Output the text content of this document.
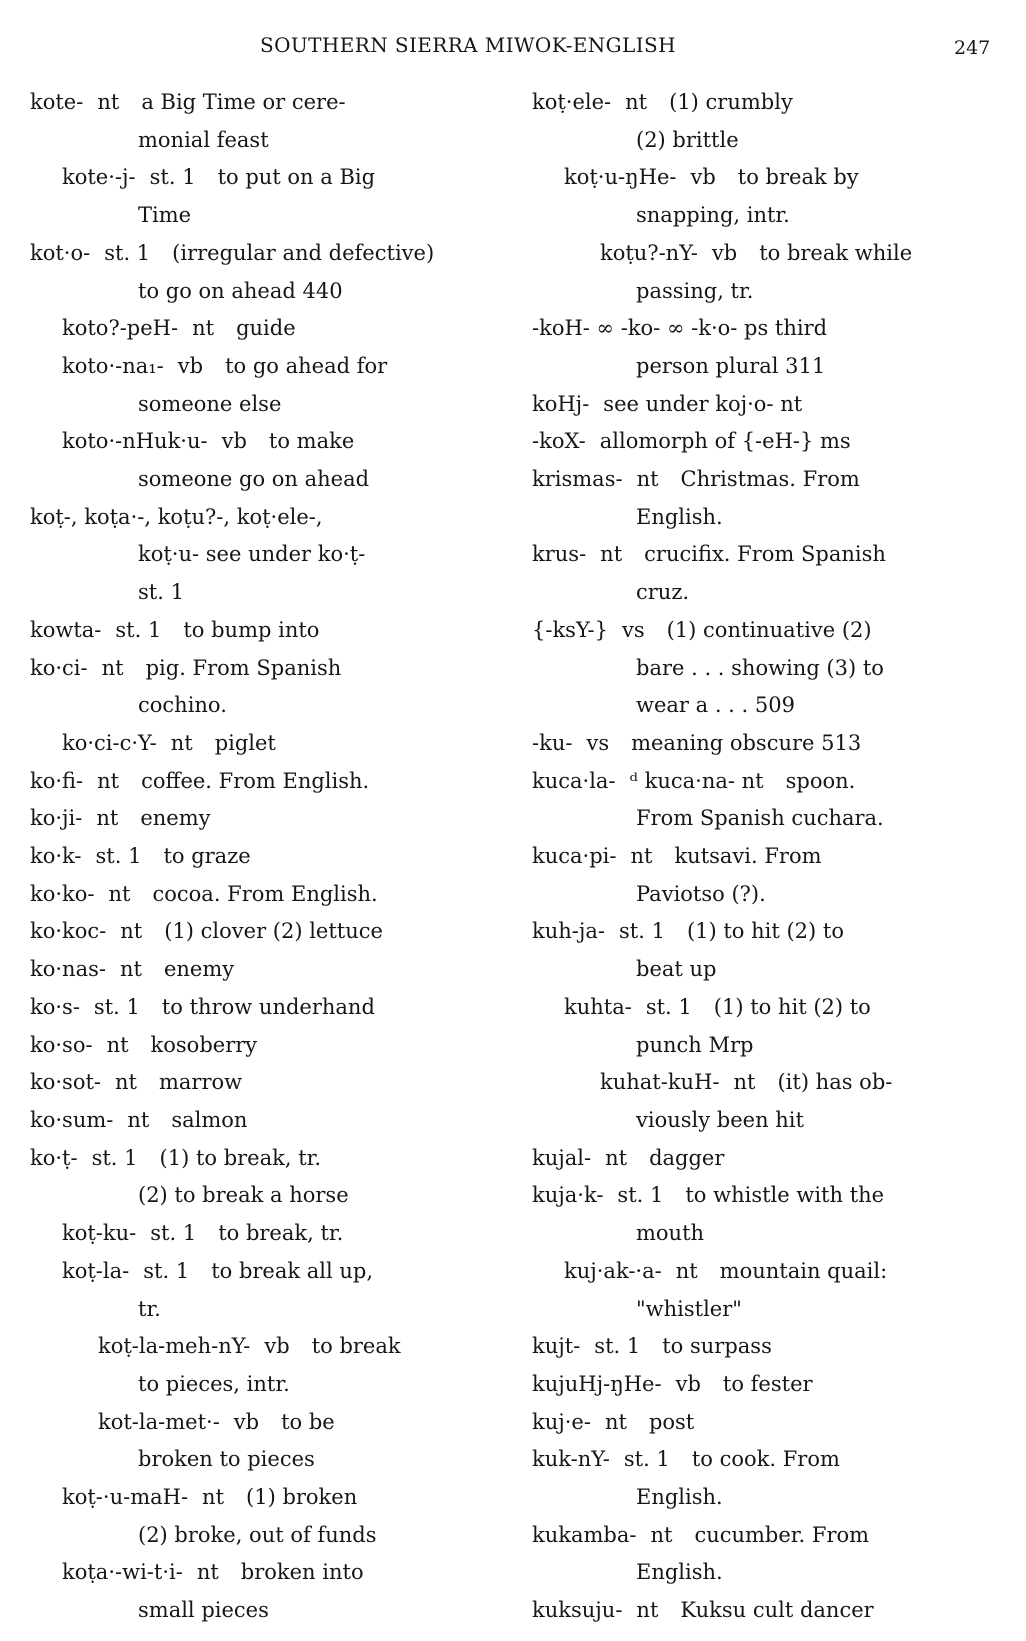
SOUTHERN SIERRA MIWOK-ENGLISH	247
kote- nt a Big Time or cere-
monial feast
kote·-j- st. 1 to put on a Big
Time
kot·o- st. 1 (irregular and defective)
to go on ahead 440
koto?-peH- nt guide
koto·-na₁- vb to go ahead for
someone else
koto·-nHuk·u- vb to make
someone go on ahead
koṭ-, koṭa·-, koṭu?-, koṭ·ele-,
koṭ·u- see under ko·ṭ-
st. 1
kowta- st. 1 to bump into
ko·ci- nt pig. From Spanish
cochino.
ko·ci-c·Y- nt piglet
ko·fi- nt coffee. From English.
ko·ji- nt enemy
ko·k- st. 1 to graze
ko·ko- nt cocoa. From English.
ko·koc- nt (1) clover (2) lettuce
ko·nas- nt enemy
ko·s- st. 1 to throw underhand
ko·so- nt kosoberry
ko·sot- nt marrow
ko·sum- nt salmon
ko·ṭ- st. 1 (1) to break, tr.
(2) to break a horse
koṭ-ku- st. 1 to break, tr.
koṭ-la- st. 1 to break all up,
tr.
koṭ-la-meh-nY- vb to break
to pieces, intr.
kot-la-met·- vb to be
broken to pieces
koṭ-·u-maH- nt (1) broken
(2) broke, out of funds
koṭa·-wi-t·i- nt broken into
small pieces
koṭ·ele- nt (1) crumbly
(2) brittle
koṭ·u-ŋHe- vb to break by
snapping, intr.
koṭu?-nY- vb to break while
passing, tr.
-koH- ∞ -ko- ∞ -k·o- ps third
person plural 311
koHj- see under koj·o- nt
-koX- allomorph of {-eH-} ms
krismas- nt Christmas. From
English.
krus- nt crucifix. From Spanish
cruz.
{-ksY-} vs (1) continuative (2)
bare . . . showing (3) to
wear a . . . 509
-ku- vs meaning obscure 513
kuca·la- ᵈ kuca·na- nt spoon.
From Spanish cuchara.
kuca·pi- nt kutsavi. From
Paviotso (?).
kuh-ja- st. 1 (1) to hit (2) to
beat up
kuhta- st. 1 (1) to hit (2) to
punch Mrp
kuhat-kuH- nt (it) has ob-
viously been hit
kujal- nt dagger
kuja·k- st. 1 to whistle with the
mouth
kuj·ak-·a- nt mountain quail:
"whistler"
kujt- st. 1 to surpass
kujuHj-ŋHe- vb to fester
kuj·e- nt post
kuk-nY- st. 1 to cook. From
English.
kukamba- nt cucumber. From
English.
kuksuju- nt Kuksu cult dancer
